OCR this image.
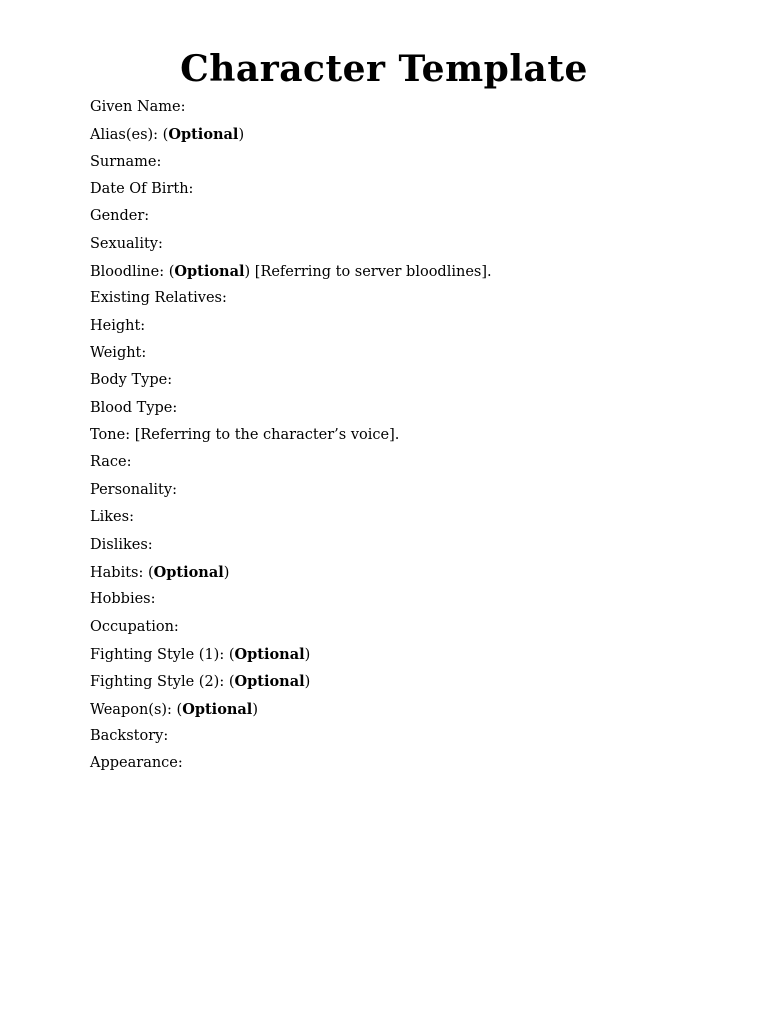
Character Template
Given Name:
Alias(es): (Optional)
Surname:
Date Of Birth:
Gender:
Sexuality:
Bloodline: (Optional) [Referring to server bloodlines].
Existing Relatives:
Height:
Weight:
Body Type:
Blood Type:
Tone: [Referring to the character’s voice].
Race:
Personality:
Likes:
Dislikes:
Habits: (Optional)
Hobbies:
Occupation:
Fighting Style (1): (Optional)
Fighting Style (2): (Optional)
Weapon(s): (Optional)
Backstory:
Appearance:
